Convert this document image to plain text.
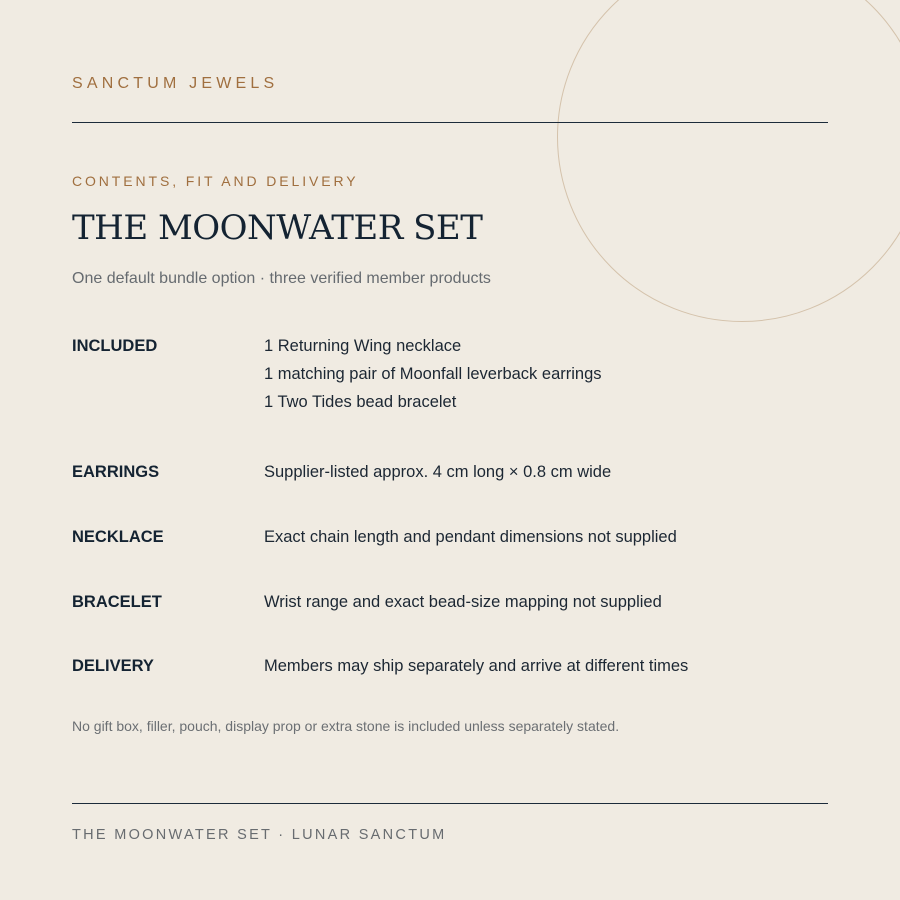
SANCTUM JEWELS
CONTENTS, FIT AND DELIVERY
THE MOONWATER SET
One default bundle option · three verified member products
INCLUDED	1 Returning Wing necklace
1 matching pair of Moonfall leverback earrings
1 Two Tides bead bracelet
EARRINGS	Supplier-listed approx. 4 cm long × 0.8 cm wide
NECKLACE	Exact chain length and pendant dimensions not supplied
BRACELET	Wrist range and exact bead-size mapping not supplied
DELIVERY	Members may ship separately and arrive at different times
No gift box, filler, pouch, display prop or extra stone is included unless separately stated.
THE MOONWATER SET · LUNAR SANCTUM
